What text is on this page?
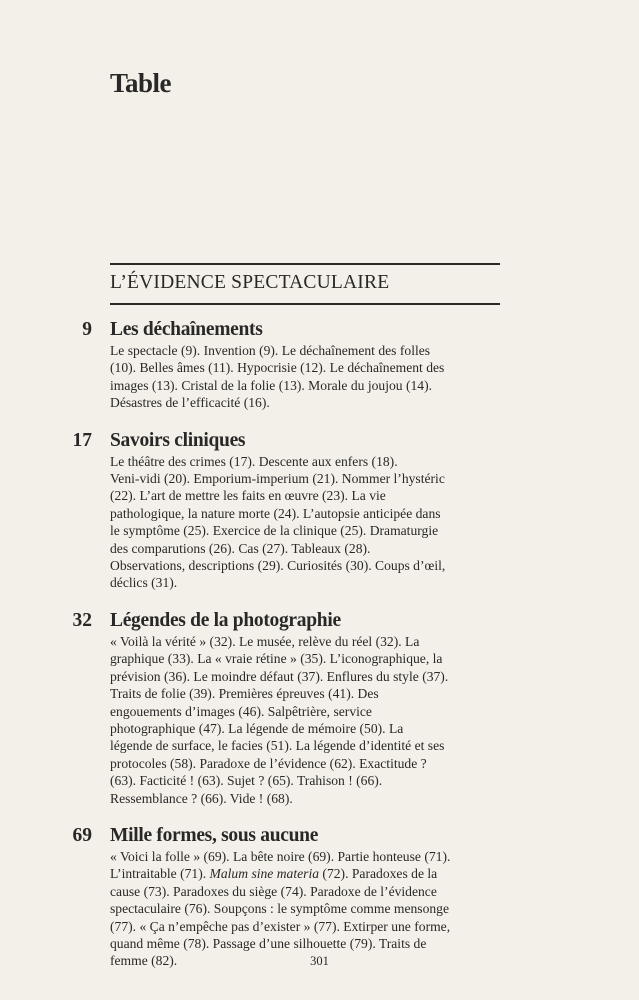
Table
L’ÉVIDENCE SPECTACULAIRE
9 Les déchaînements
Le spectacle (9). Invention (9). Le déchaînement des folles
(10). Belles âmes (11). Hypocrisie (12). Le déchaînement des
images (13). Cristal de la folie (13). Morale du joujou (14).
Désastres de l’efficacité (16).
17 Savoirs cliniques
Le théâtre des crimes (17). Descente aux enfers (18).
Veni-vidi (20). Emporium-imperium (21). Nommer l’hystéric
(22). L’art de mettre les faits en œuvre (23). La vie
pathologique, la nature morte (24). L’autopsie anticipée dans
le symptôme (25). Exercice de la clinique (25). Dramaturgie
des comparutions (26). Cas (27). Tableaux (28).
Observations, descriptions (29). Curiosités (30). Coups d’œil,
déclics (31).
32 Légendes de la photographie
« Voilà la vérité » (32). Le musée, relève du réel (32). La
graphique (33). La « vraie rétine » (35). L’iconographique, la
prévision (36). Le moindre défaut (37). Enflures du style (37).
Traits de folie (39). Premières épreuves (41). Des
engouements d’images (46). Salpêtrière, service
photographique (47). La légende de mémoire (50). La
légende de surface, le facies (51). La légende d’identité et ses
protocoles (58). Paradoxe de l’évidence (62). Exactitude ?
(63). Facticité ! (63). Sujet ? (65). Trahison ! (66).
Ressemblance ? (66). Vide ! (68).
69 Mille formes, sous aucune
« Voici la folle » (69). La bête noire (69). Partie honteuse (71).
L’intraitable (71). Malum sine materia (72). Paradoxes de la
cause (73). Paradoxes du siège (74). Paradoxe de l’évidence
spectaculaire (76). Soupçons : le symptôme comme mensonge
(77). « Ça n’empêche pas d’exister » (77). Extirper une forme,
quand même (78). Passage d’une silhouette (79). Traits de
femme (82).	301
